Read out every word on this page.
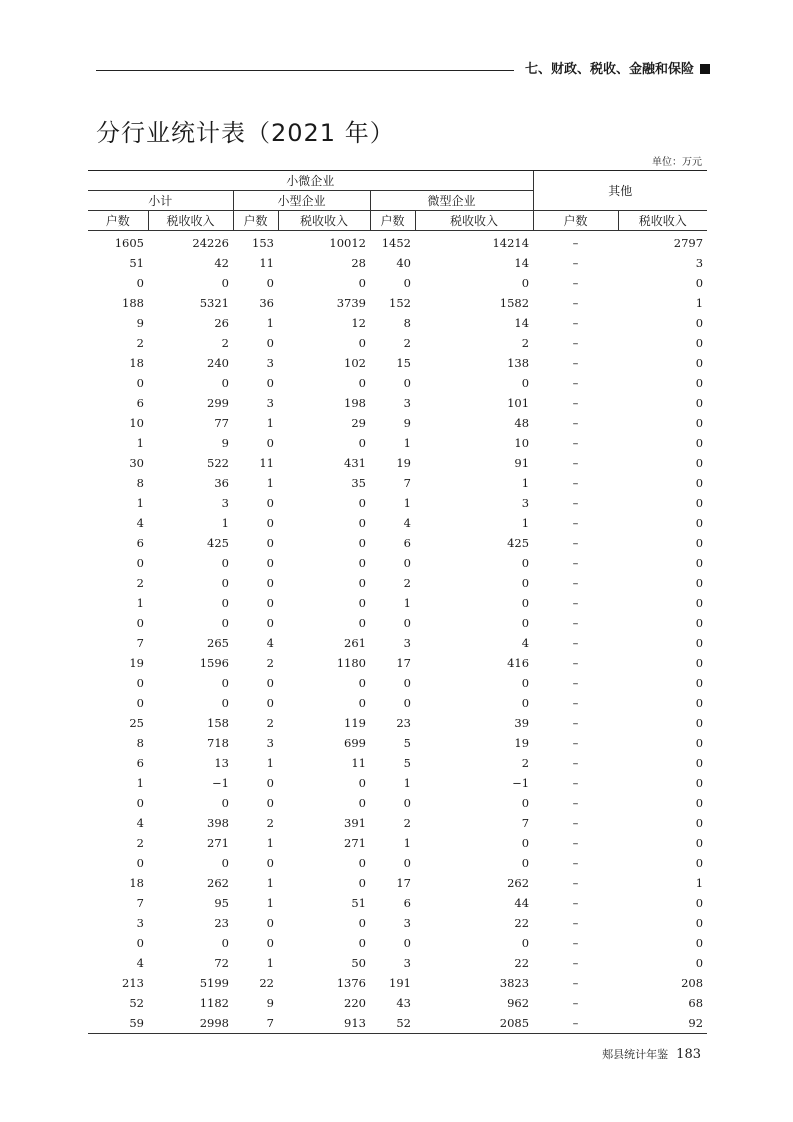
七、财政、税收、金融和保险
分行业统计表（2021 年）
单位：万元
小微企业						其他	
小计		小型企业		微型企业			
户数	税收收入	户数	税收收入	户数	税收收入	户数	税收收入
1605	24226	153	10012	1452	14214	–	2797
51	42	11	28	40	14	–	3
0	0	0	0	0	0	–	0
188	5321	36	3739	152	1582	–	1
9	26	1	12	8	14	–	0
2	2	0	0	2	2	–	0
18	240	3	102	15	138	–	0
0	0	0	0	0	0	–	0
6	299	3	198	3	101	–	0
10	77	1	29	9	48	–	0
1	9	0	0	1	10	–	0
30	522	11	431	19	91	–	0
8	36	1	35	7	1	–	0
1	3	0	0	1	3	–	0
4	1	0	0	4	1	–	0
6	425	0	0	6	425	–	0
0	0	0	0	0	0	–	0
2	0	0	0	2	0	–	0
1	0	0	0	1	0	–	0
0	0	0	0	0	0	–	0
7	265	4	261	3	4	–	0
19	1596	2	1180	17	416	–	0
0	0	0	0	0	0	–	0
0	0	0	0	0	0	–	0
25	158	2	119	23	39	–	0
8	718	3	699	5	19	–	0
6	13	1	11	5	2	–	0
1	−1	0	0	1	−1	–	0
0	0	0	0	0	0	–	0
4	398	2	391	2	7	–	0
2	271	1	271	1	0	–	0
0	0	0	0	0	0	–	0
18	262	1	0	17	262	–	1
7	95	1	51	6	44	–	0
3	23	0	0	3	22	–	0
0	0	0	0	0	0	–	0
4	72	1	50	3	22	–	0
213	5199	22	1376	191	3823	–	208
52	1182	9	220	43	962	–	68
59	2998	7	913	52	2085	–	92
郏县统计年鉴 183
